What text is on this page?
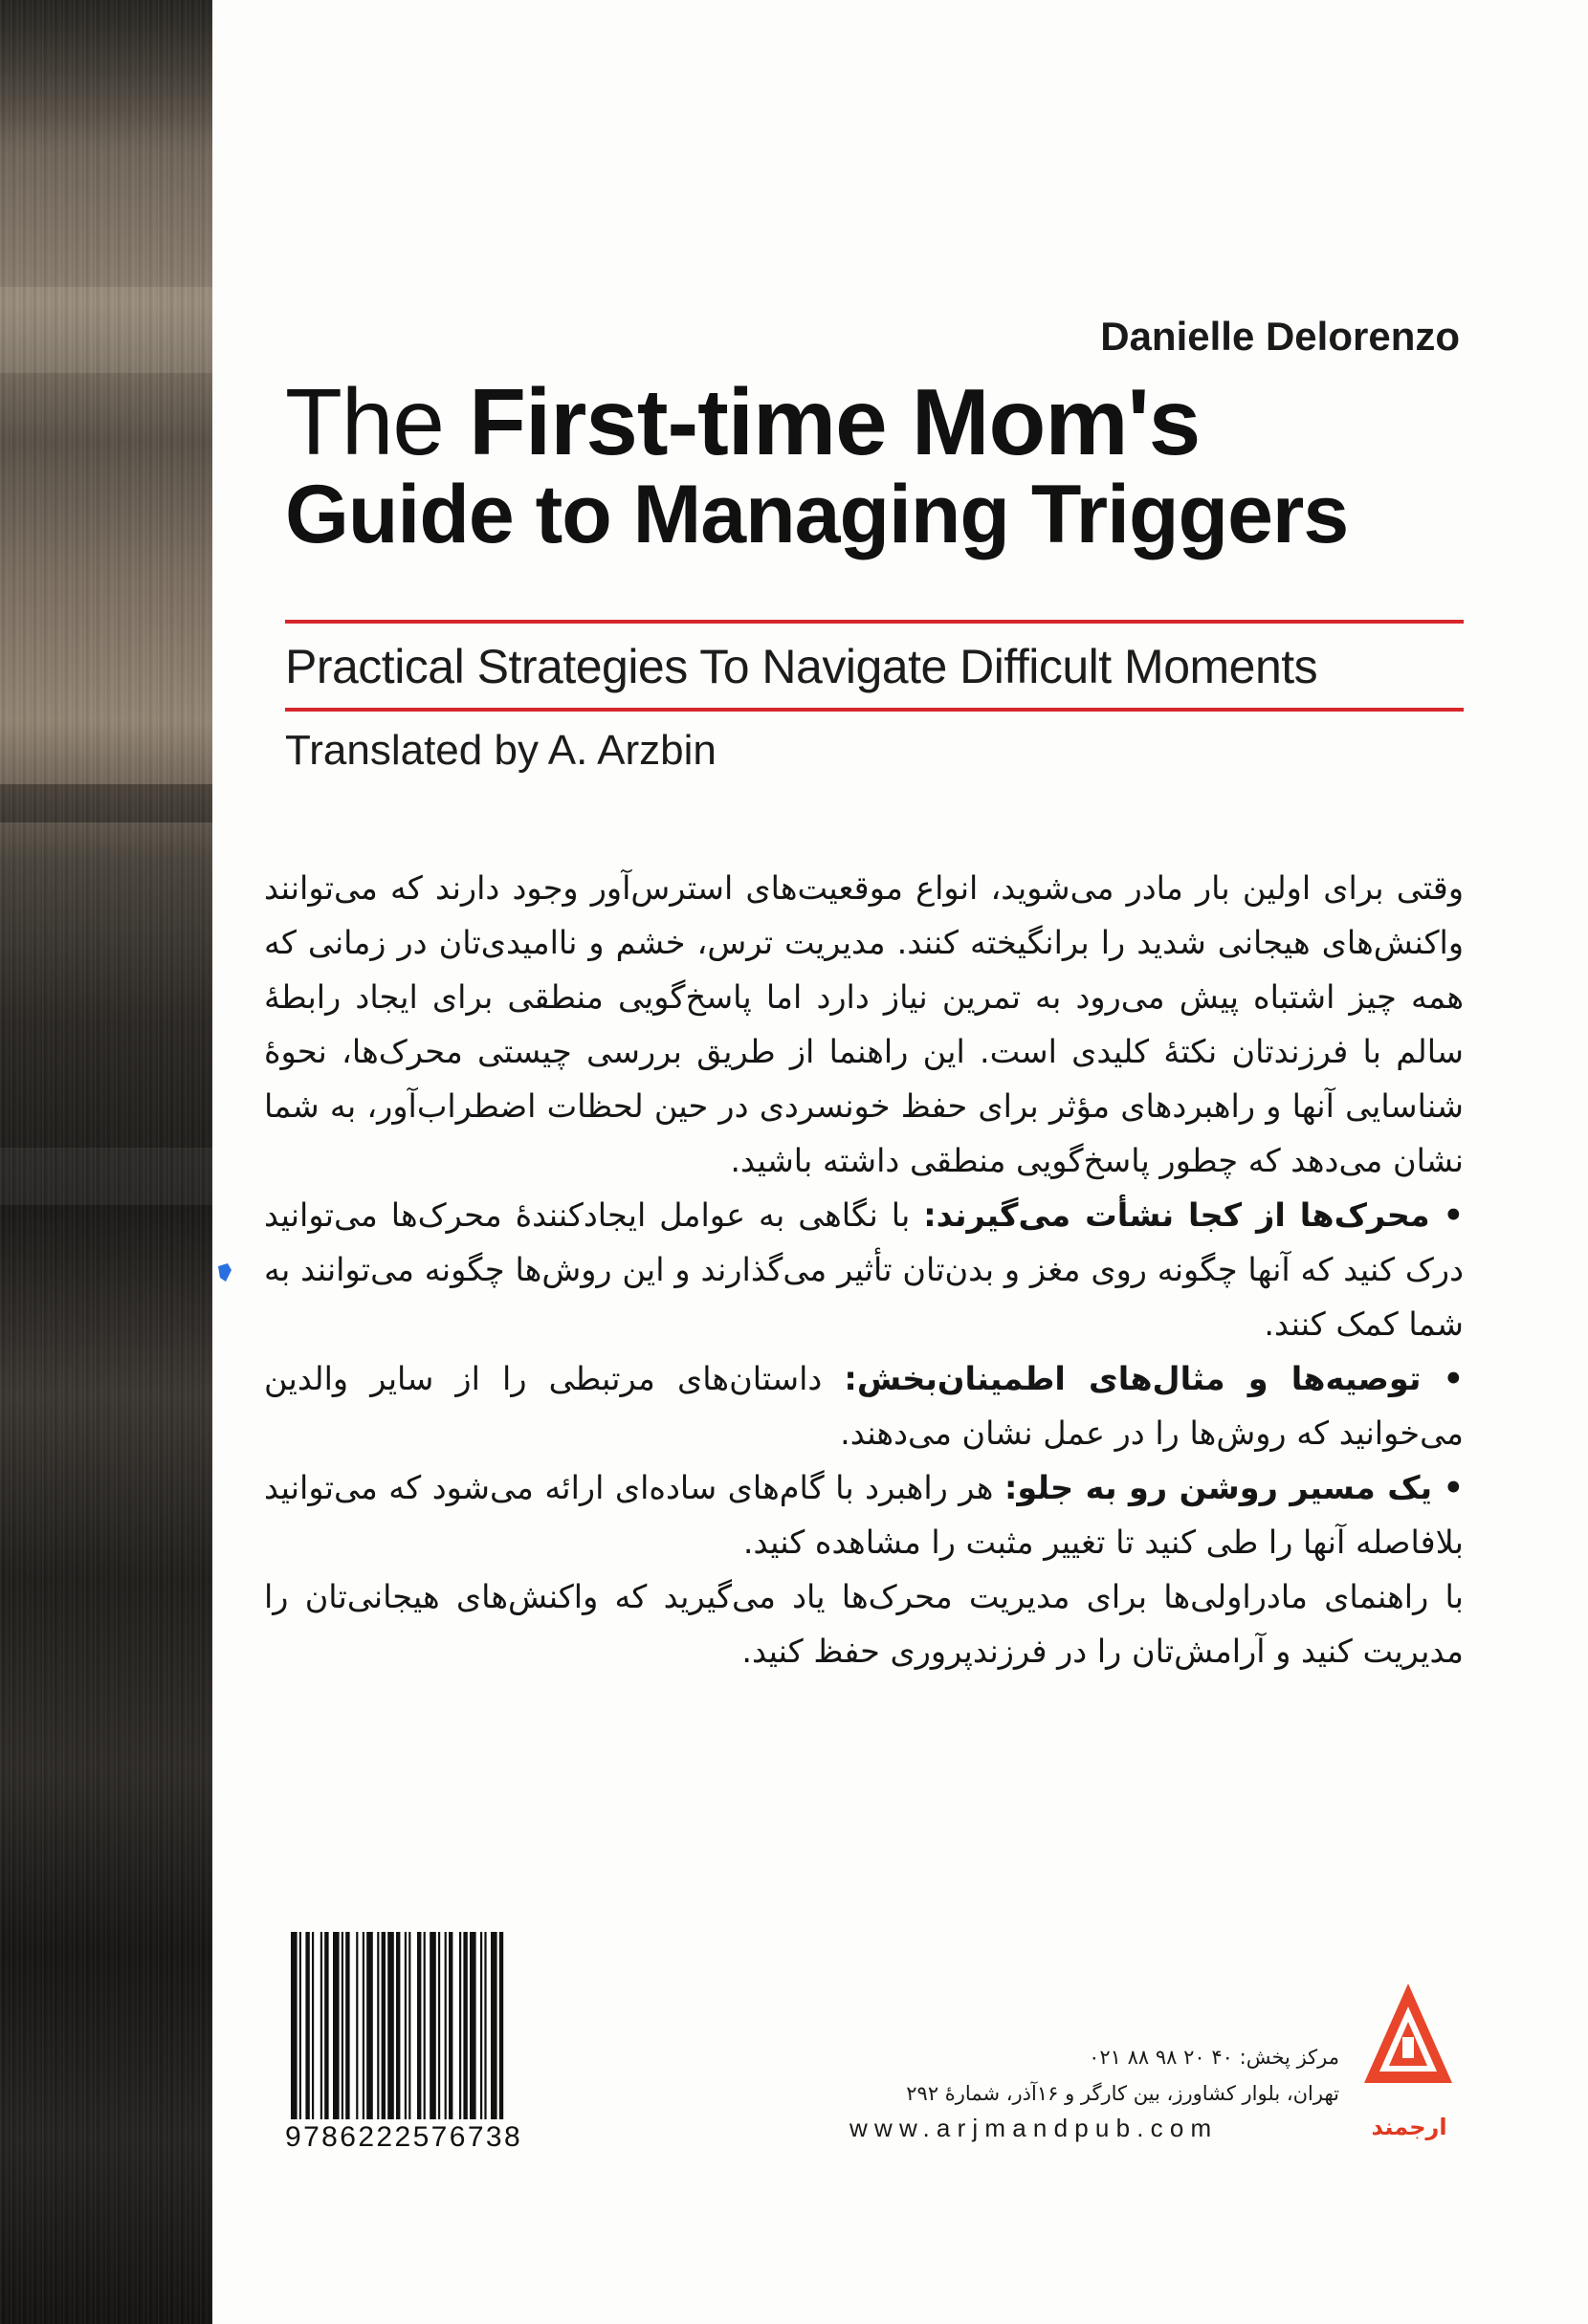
Danielle Delorenzo

The First-time Mom's
Guide to Managing Triggers

Practical Strategies To Navigate Difficult Moments

Translated by A. Arzbin

وقتی برای اولین بار مادر می‌شوید، انواع موقعیت‌های استرس‌آور وجود دارند که می‌توانند واکنش‌های هیجانی شدید را برانگیخته کنند. مدیریت ترس، خشم و ناامیدی‌تان در زمانی که همه چیز اشتباه پیش می‌رود به تمرین نیاز دارد اما پاسخ‌گویی منطقی برای ایجاد رابطهٔ سالم با فرزندتان نکتهٔ کلیدی است. این راهنما از طریق بررسی چیستی محرک‌ها، نحوهٔ شناسایی آنها و راهبردهای مؤثر برای حفظ خونسردی در حین لحظات اضطراب‌آور، به شما نشان می‌دهد که چطور پاسخ‌گویی منطقی داشته باشید.

• محرک‌ها از کجا نشأت می‌گیرند: با نگاهی به عوامل ایجادکنندهٔ محرک‌ها می‌توانید درک کنید که آنها چگونه روی مغز و بدن‌تان تأثیر می‌گذارند و این روش‌ها چگونه می‌توانند به شما کمک کنند.
• توصیه‌ها و مثال‌های اطمینان‌بخش: داستان‌های مرتبطی را از سایر والدین می‌خوانید که روش‌ها را در عمل نشان می‌دهند.
• یک مسیر روشن رو به جلو: هر راهبرد با گام‌های ساده‌ای ارائه می‌شود که می‌توانید بلافاصله آنها را طی کنید تا تغییر مثبت را مشاهده کنید.

با راهنمای مادراولی‌ها برای مدیریت محرک‌ها یاد می‌گیرید که واکنش‌های هیجانی‌تان را مدیریت کنید و آرامش‌تان را در فرزندپروری حفظ کنید.

9786222576738

مرکز پخش: ۴۰ ۲۰ ۹۸ ۸۸ ۰۲۱

تهران، بلوار کشاورز، بین کارگر و ۱۶آذر، شمارهٔ ۲۹۲

www.arjmandpub.com	ارجمند
